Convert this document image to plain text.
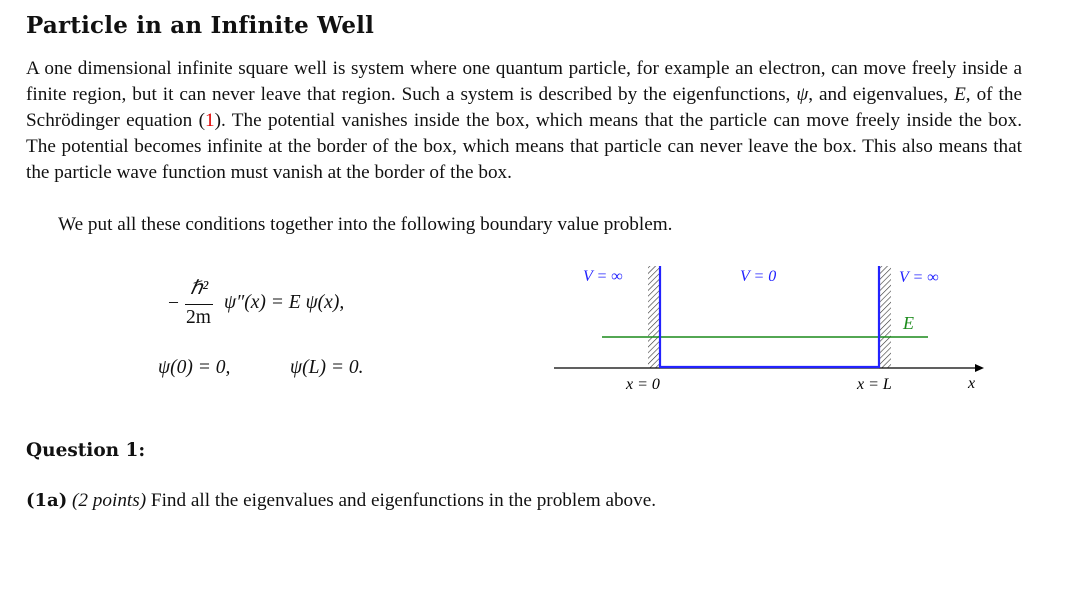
Particle in an Infinite Well
A one dimensional infinite square well is system where one quantum particle, for example an electron, can move freely inside a finite region, but it can never leave that region. Such a system is described by the eigenfunctions, ψ, and eigenvalues, E, of the Schrödinger equation (1). The potential vanishes inside the box, which means that the particle can move freely inside the box. The potential becomes infinite at the border of the box, which means that particle can never leave the box. This also means that the particle wave function must vanish at the border of the box.
We put all these conditions together into the following boundary value problem.
−
ℏ²
2m
ψ″(x) = E ψ(x),
ψ(0) = 0,	ψ(L) = 0.
V = ∞	V = 0	V = ∞
E
x = 0	x = L	x
Question 1:
(1a) (2 points) Find all the eigenvalues and eigenfunctions in the problem above.
